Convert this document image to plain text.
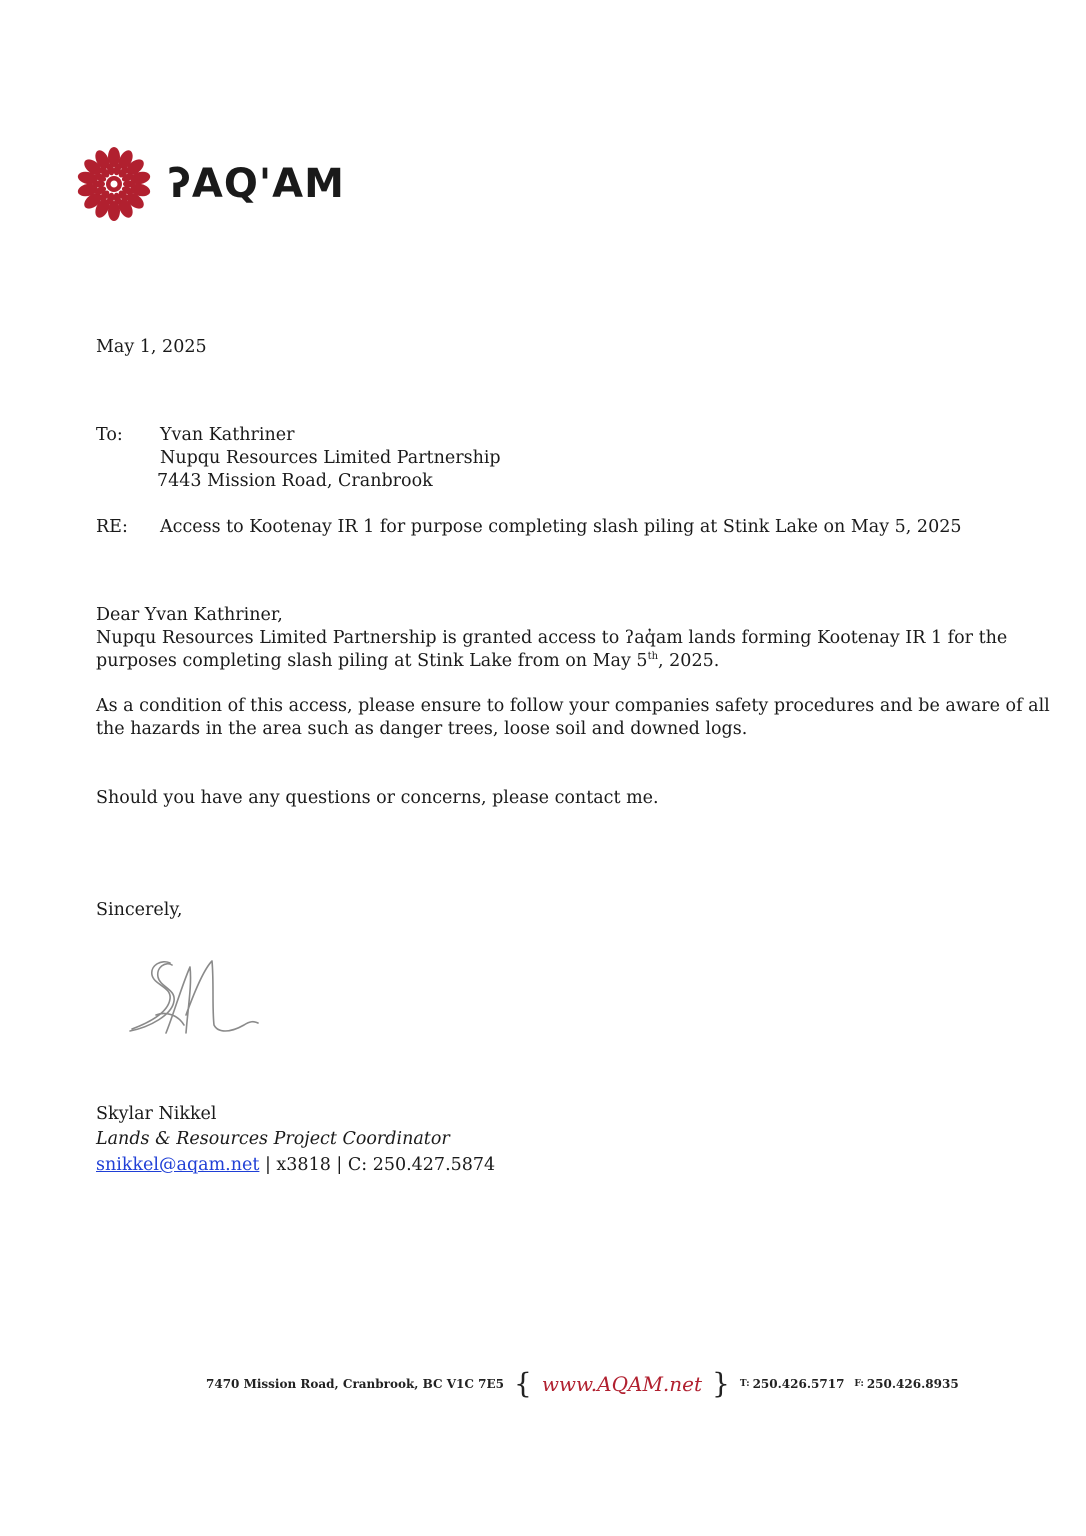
ʔAQ'AM
May 1, 2025
To: Yvan Kathriner
Nupqu Resources Limited Partnership
7443 Mission Road, Cranbrook
RE: Access to Kootenay IR 1 for purpose completing slash piling at Stink Lake on May 5, 2025
Dear Yvan Kathriner,
Nupqu Resources Limited Partnership is granted access to ʔaq̓am lands forming Kootenay IR 1 for the
purposes completing slash piling at Stink Lake from on May 5th, 2025.
As a condition of this access, please ensure to follow your companies safety procedures and be aware of all
the hazards in the area such as danger trees, loose soil and downed logs.
Should you have any questions or concerns, please contact me.
Sincerely,
Skylar Nikkel
Lands & Resources Project Coordinator
snikkel@aqam.net | x3818 | C: 250.427.5874
7470 Mission Road, Cranbrook, BC V1C 7E5 { www.AQAM.net } T: 250.426.5717 F: 250.426.8935
